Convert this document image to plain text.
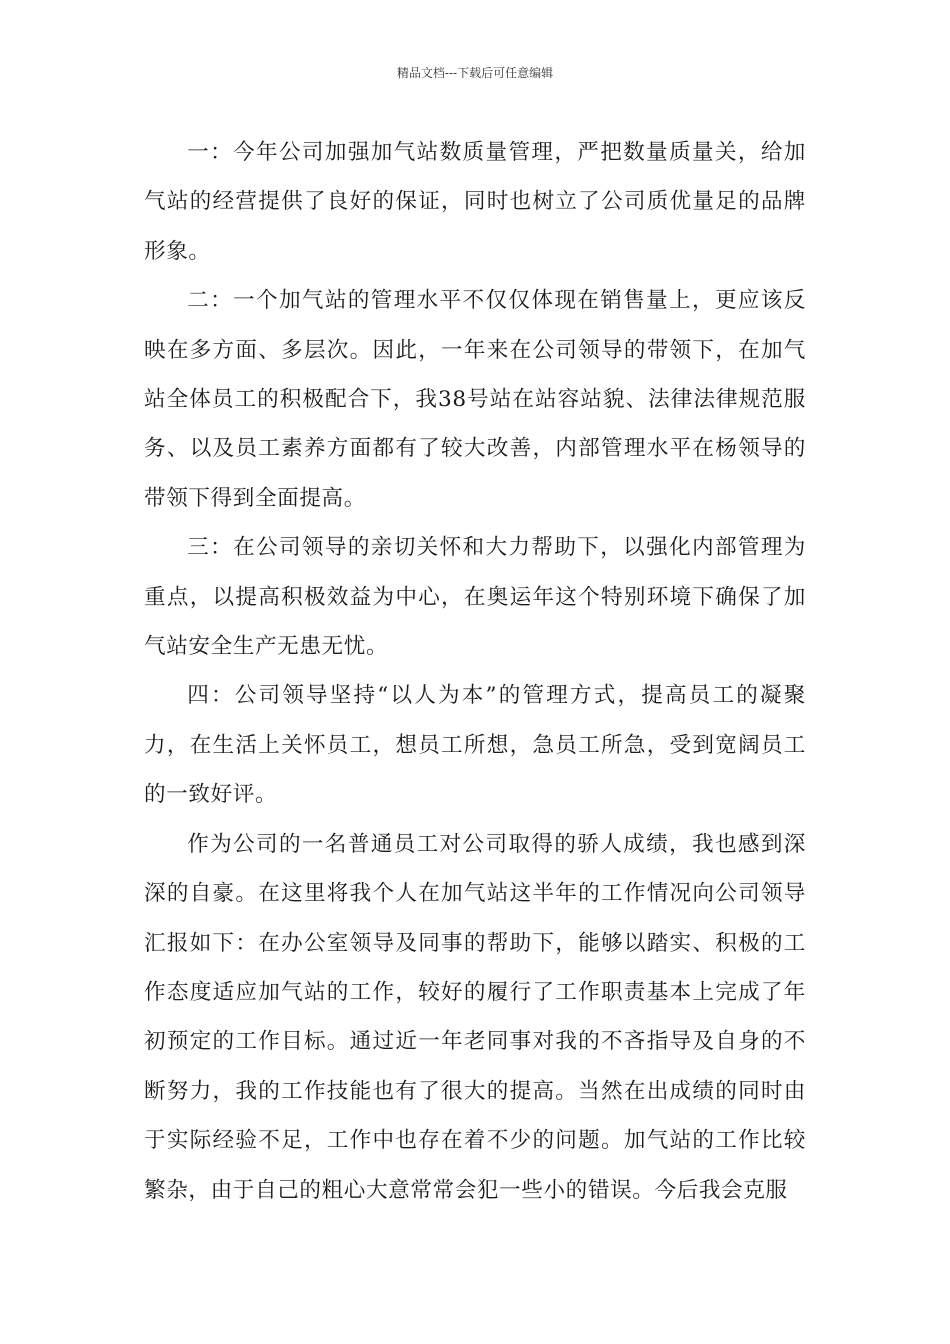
精品文档---下载后可任意编辑

一：今年公司加强加气站数质量管理，严把数量质量关，给加气站的经营提供了良好的保证，同时也树立了公司质优量足的品牌形象。

二：一个加气站的管理水平不仅仅体现在销售量上，更应该反映在多方面、多层次。因此，一年来在公司领导的带领下，在加气站全体员工的积极配合下，我38号站在站容站貌、法律法律规范服务、以及员工素养方面都有了较大改善，内部管理水平在杨领导的带领下得到全面提高。

三：在公司领导的亲切关怀和大力帮助下，以强化内部管理为重点，以提高积极效益为中心，在奥运年这个特别环境下确保了加气站安全生产无患无忧。

四：公司领导坚持“以人为本”的管理方式，提高员工的凝聚力，在生活上关怀员工，想员工所想，急员工所急，受到宽阔员工的一致好评。

作为公司的一名普通员工对公司取得的骄人成绩，我也感到深深的自豪。在这里将我个人在加气站这半年的工作情况向公司领导汇报如下：在办公室领导及同事的帮助下，能够以踏实、积极的工作态度适应加气站的工作，较好的履行了工作职责基本上完成了年初预定的工作目标。通过近一年老同事对我的不吝指导及自身的不断努力，我的工作技能也有了很大的提高。当然在出成绩的同时由于实际经验不足，工作中也存在着不少的问题。加气站的工作比较繁杂，由于自己的粗心大意常常会犯一些小的错误。今后我会克服
